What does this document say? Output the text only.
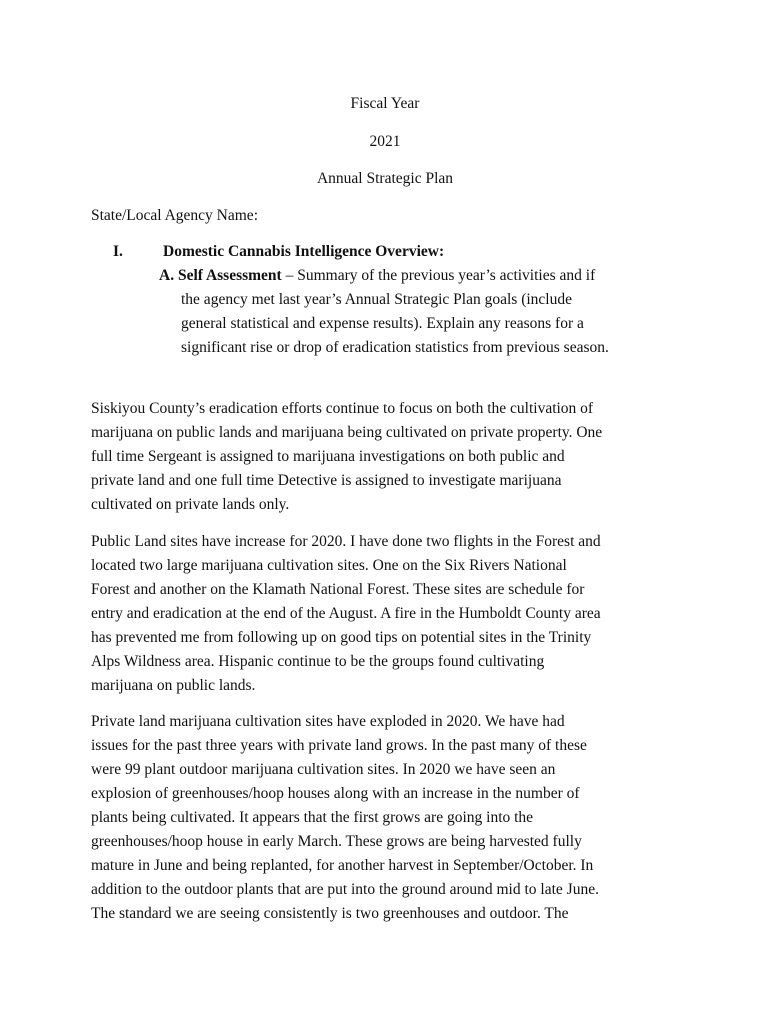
Fiscal Year
2021
Annual Strategic Plan
State/Local Agency Name:
I.	Domestic Cannabis Intelligence Overview:
A. Self Assessment – Summary of the previous year’s activities and if
the agency met last year’s Annual Strategic Plan goals (include
general statistical and expense results). Explain any reasons for a
significant rise or drop of eradication statistics from previous season.
Siskiyou County’s eradication efforts continue to focus on both the cultivation of
marijuana on public lands and marijuana being cultivated on private property. One
full time Sergeant is assigned to marijuana investigations on both public and
private land and one full time Detective is assigned to investigate marijuana
cultivated on private lands only.
Public Land sites have increase for 2020. I have done two flights in the Forest and
located two large marijuana cultivation sites. One on the Six Rivers National
Forest and another on the Klamath National Forest. These sites are schedule for
entry and eradication at the end of the August. A fire in the Humboldt County area
has prevented me from following up on good tips on potential sites in the Trinity
Alps Wildness area. Hispanic continue to be the groups found cultivating
marijuana on public lands.
Private land marijuana cultivation sites have exploded in 2020. We have had
issues for the past three years with private land grows. In the past many of these
were 99 plant outdoor marijuana cultivation sites. In 2020 we have seen an
explosion of greenhouses/hoop houses along with an increase in the number of
plants being cultivated. It appears that the first grows are going into the
greenhouses/hoop house in early March. These grows are being harvested fully
mature in June and being replanted, for another harvest in September/October. In
addition to the outdoor plants that are put into the ground around mid to late June.
The standard we are seeing consistently is two greenhouses and outdoor. The
